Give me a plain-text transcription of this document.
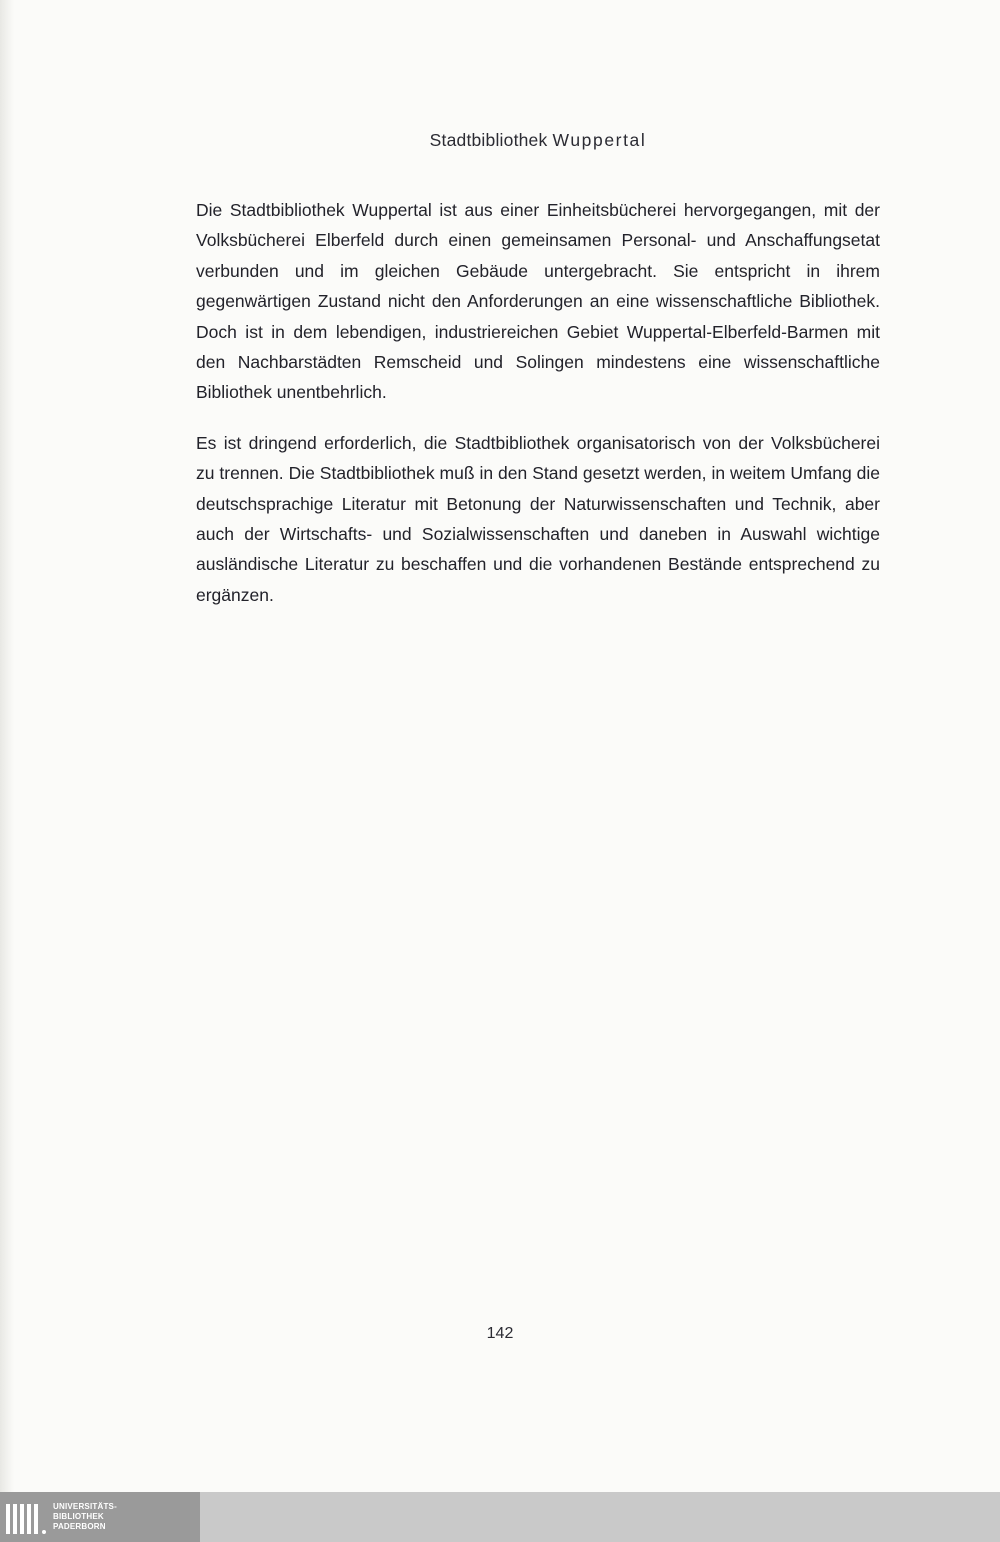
Stadtbibliothek Wuppertal

Die Stadtbibliothek Wuppertal ist aus einer Einheitsbücherei hervorgegangen, mit der Volksbücherei Elberfeld durch einen gemeinsamen Personal- und Anschaffungsetat verbunden und im gleichen Gebäude untergebracht. Sie entspricht in ihrem gegenwärtigen Zustand nicht den Anforderungen an eine wissenschaftliche Bibliothek. Doch ist in dem lebendigen, industriereichen Gebiet Wuppertal-Elberfeld-Barmen mit den Nachbarstädten Remscheid und Solingen mindestens eine wissenschaftliche Bibliothek unentbehrlich.

Es ist dringend erforderlich, die Stadtbibliothek organisatorisch von der Volksbücherei zu trennen. Die Stadtbibliothek muß in den Stand gesetzt werden, in weitem Umfang die deutschsprachige Literatur mit Betonung der Naturwissenschaften und Technik, aber auch der Wirtschafts- und Sozialwissenschaften und daneben in Auswahl wichtige ausländische Literatur zu beschaffen und die vorhandenen Bestände entsprechend zu ergänzen.

142
UNIVERSITÄTS-
BIBLIOTHEK
PADERBORN
